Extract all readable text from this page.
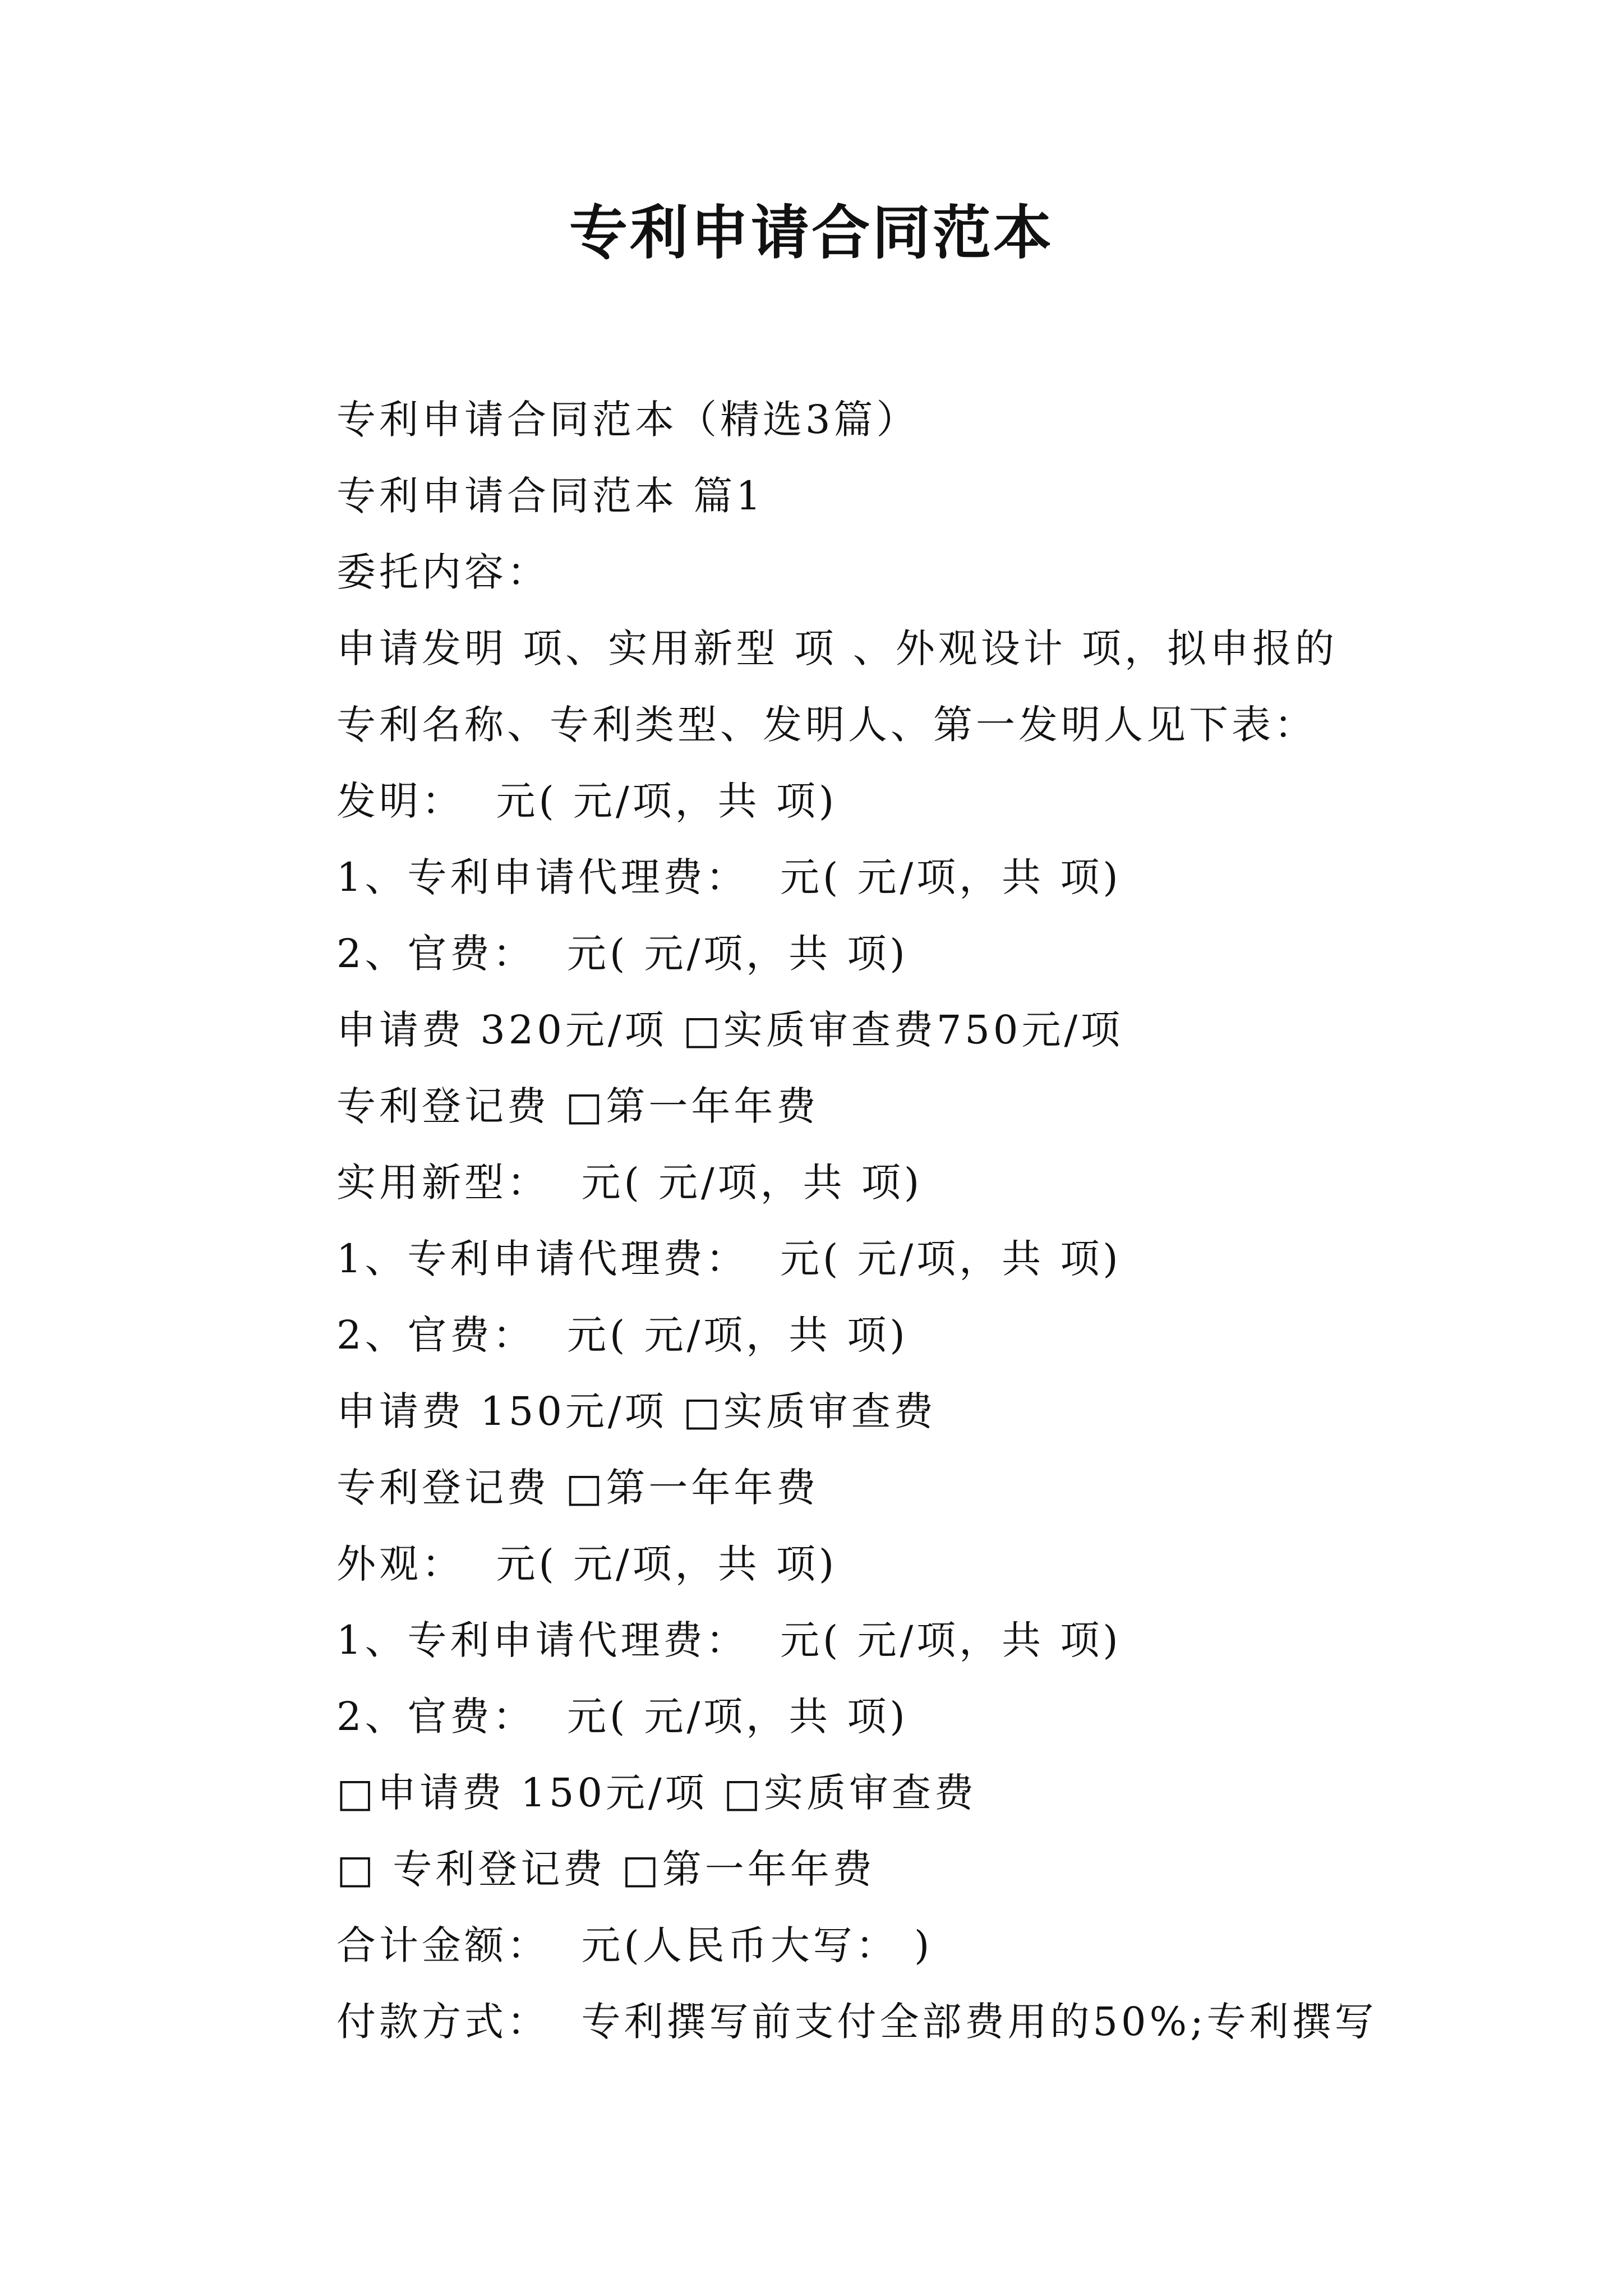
专利申请合同范本
专利申请合同范本（精选3篇）
专利申请合同范本 篇1
委托内容：
申请发明 项、实用新型 项 、外观设计 项，拟申报的
专利名称、专利类型、发明人、第一发明人见下表：
发明：  元( 元/项，共 项)
1、专利申请代理费：  元( 元/项，共 项)
2、官费：  元( 元/项，共 项)
申请费 320元/项 □实质审查费750元/项
专利登记费 □第一年年费
实用新型：  元( 元/项，共 项)
1、专利申请代理费：  元( 元/项，共 项)
2、官费：  元( 元/项，共 项)
申请费 150元/项 □实质审查费
专利登记费 □第一年年费
外观：  元( 元/项，共 项)
1、专利申请代理费：  元( 元/项，共 项)
2、官费：  元( 元/项，共 项)
□申请费 150元/项 □实质审查费
□ 专利登记费 □第一年年费
合计金额：  元(人民币大写： )
付款方式：  专利撰写前支付全部费用的50%;专利撰写
